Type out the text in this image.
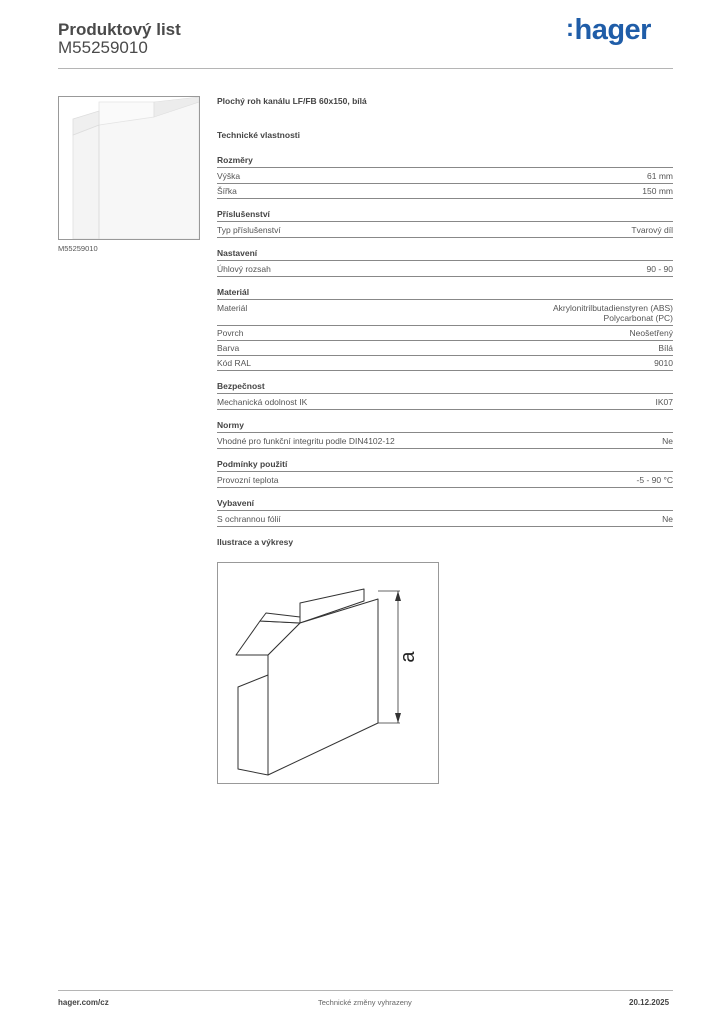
Produktový list
M55259010
:hager
M55259010
Plochý roh kanálu LF/FB 60x150, bílá
Technické vlastnosti
Rozměry
Výška	61 mm
Šířka	150 mm
Příslušenství
Typ příslušenství	Tvarový díl
Nastavení
Úhlový rozsah	90 - 90
Materiál
Materiál	Akrylonitrilbutadienstyren (ABS)
Polycarbonat (PC)
Povrch	Neošetřený
Barva	Bílá
Kód RAL	9010
Bezpečnost
Mechanická odolnost IK	IK07
Normy
Vhodné pro funkční integritu podle DIN4102-12	Ne
Podmínky použití
Provozní teplota	-5 - 90 °C
Vybavení
S ochrannou fólií	Ne
Ilustrace a výkresy
a
hager.com/cz	Technické změny vyhrazeny	20.12.2025
